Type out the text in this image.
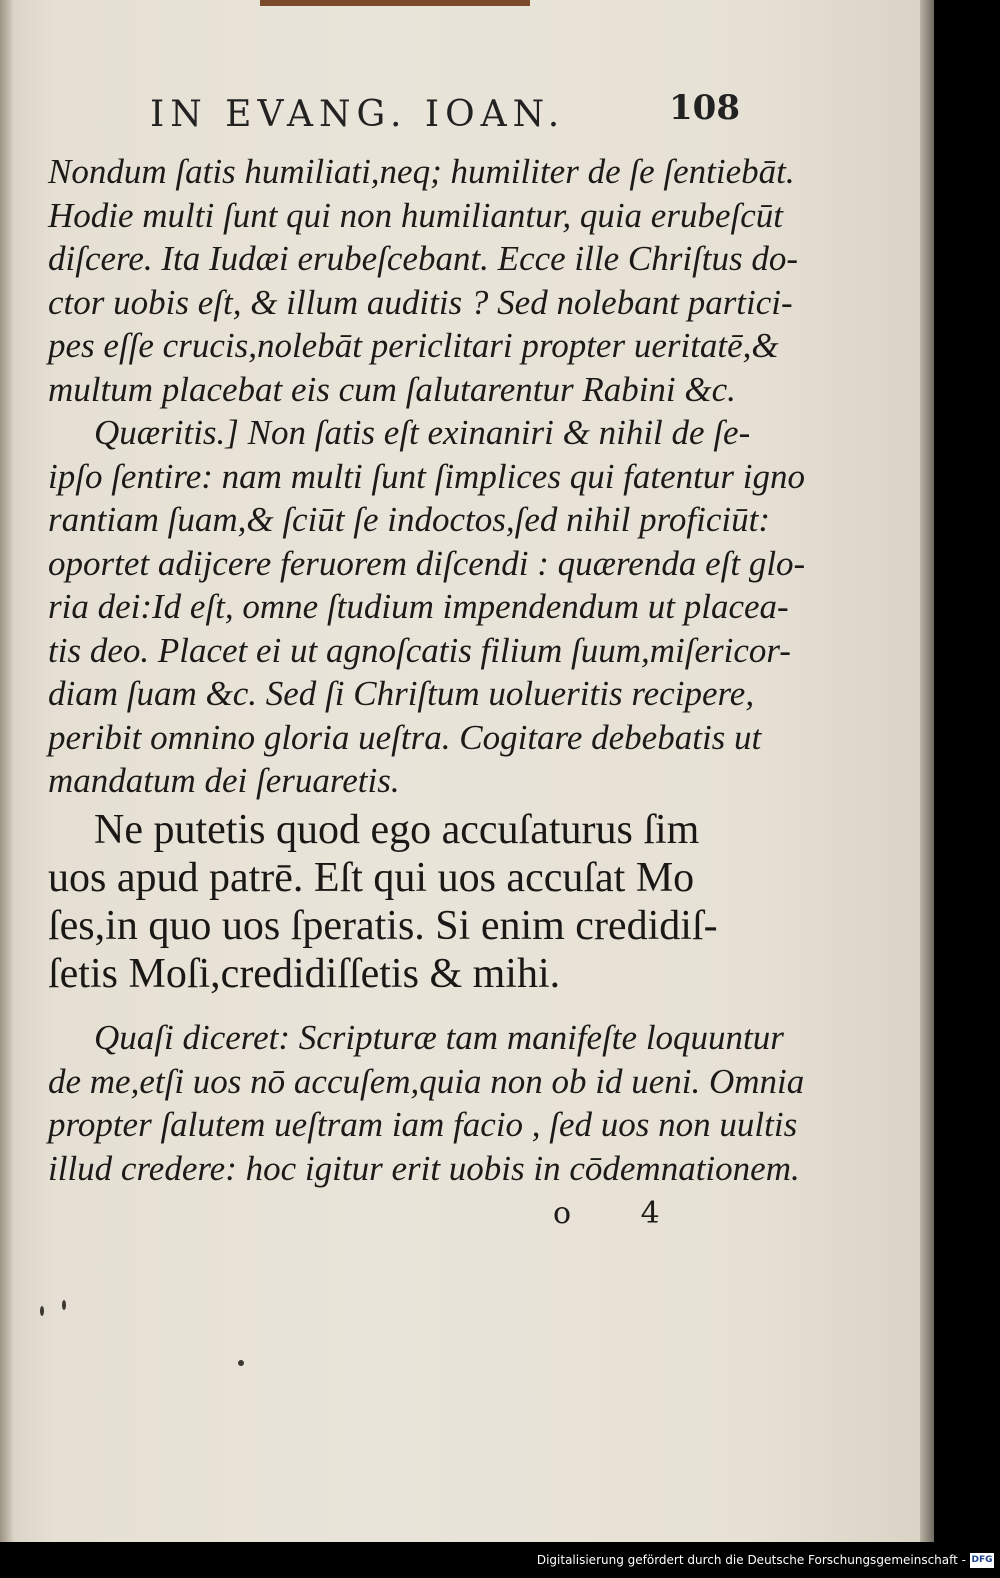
IN EVANG. IOAN.	108
Nondum ſatis humiliati,neq; humiliter de ſe ſentiebāt.
Hodie multi ſunt qui non humiliantur, quia erubeſcūt
diſcere. Ita Iudæi erubeſcebant. Ecce ille Chriſtus do-
ctor uobis eſt, & illum auditis ? Sed nolebant partici-
pes eſſe crucis,nolebāt periclitari propter ueritatē,&
multum placebat eis cum ſalutarentur Rabini &c.
Quæritis.] Non ſatis eſt exinaniri & nihil de ſe-
ipſo ſentire: nam multi ſunt ſimplices qui fatentur igno
rantiam ſuam,& ſciūt ſe indoctos,ſed nihil proficiūt:
oportet adijcere feruorem diſcendi : quærenda eſt glo-
ria dei:Id eſt, omne ſtudium impendendum ut placea-
tis deo. Placet ei ut agnoſcatis filium ſuum,miſericor-
diam ſuam &c. Sed ſi Chriſtum uolueritis recipere,
peribit omnino gloria ueſtra. Cogitare debebatis ut
mandatum dei ſeruaretis.
Ne putetis quod ego accuſaturus ſim
uos apud patrē. Eſt qui uos accuſat Mo
ſes,in quo uos ſperatis. Si enim credidiſ-
ſetis Moſi,credidiſſetis & mihi.
Quaſi diceret: Scripturæ tam manifeſte loquuntur
de me,etſi uos nō accuſem,quia non ob id ueni. Omnia
propter ſalutem ueſtram iam facio , ſed uos non uultis
illud credere: hoc igitur erit uobis in cōdemnationem.
o 4
Digitalisierung gefördert durch die Deutsche Forschungsgemeinschaft - DFG
